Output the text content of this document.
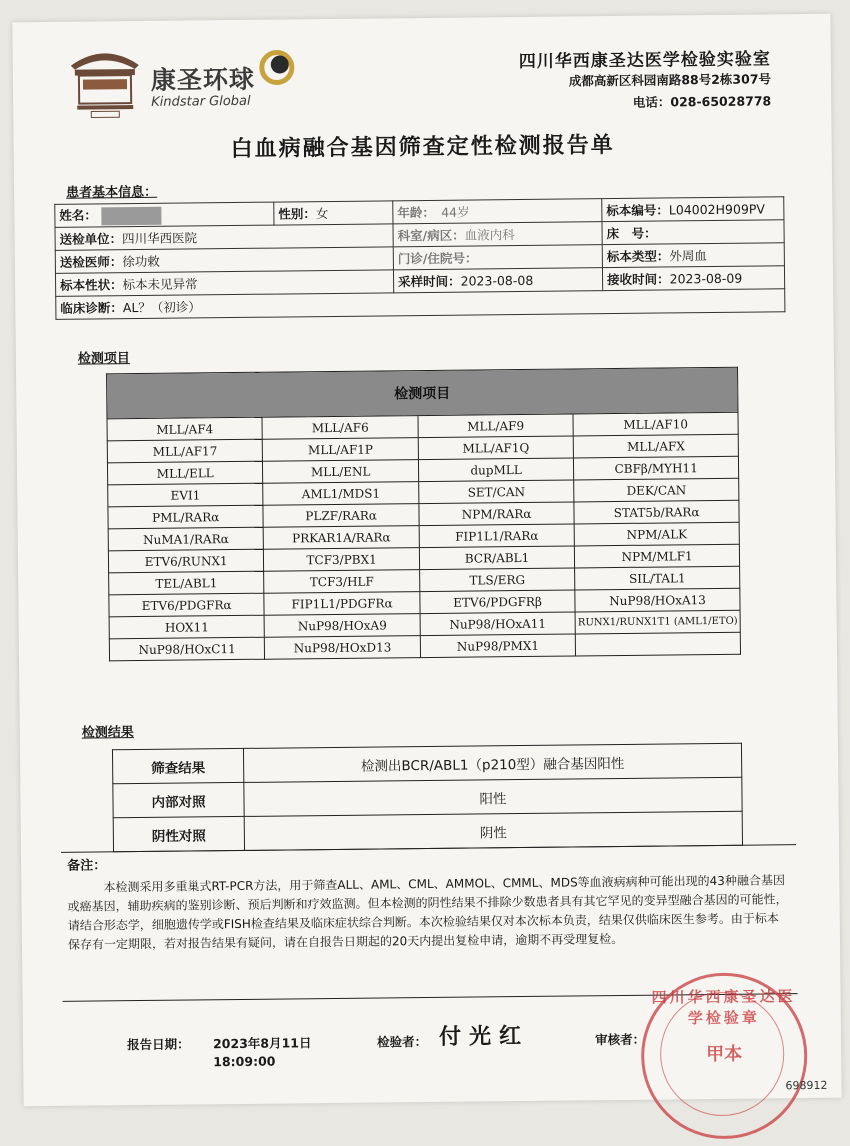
康圣环球
Kindstar Global
四川华西康圣达医学检验实验室
成都高新区科园南路88号2栋307号
电话：028-65028778
白血病融合基因筛查定性检测报告单
患者基本信息：
姓名：	性别：女	年龄：　 44岁	标本编号：L04002H909PV
送检单位：四川华西医院		科室/病区：血液内科	床　号：
送检医师：徐功敕		门诊/住院号：	标本类型：外周血
标本性状：标本未见异常		采样时间：2023-08-08	接收时间：2023-08-09
临床诊断：AL？（初诊）			
检测项目
检测项目			
MLL/AF4	MLL/AF6	MLL/AF9	MLL/AF10
MLL/AF17	MLL/AF1P	MLL/AF1Q	MLL/AFX
MLL/ELL	MLL/ENL	dupMLL	CBFβ/MYH11
EVI1	AML1/MDS1	SET/CAN	DEK/CAN
PML/RARα	PLZF/RARα	NPM/RARα	STAT5b/RARα
NuMA1/RARα	PRKAR1A/RARα	FIP1L1/RARα	NPM/ALK
ETV6/RUNX1	TCF3/PBX1	BCR/ABL1	NPM/MLF1
TEL/ABL1	TCF3/HLF	TLS/ERG	SIL/TAL1
ETV6/PDGFRα	FIP1L1/PDGFRα	ETV6/PDGFRβ	NuP98/HOxA13
HOX11	NuP98/HOxA9	NuP98/HOxA11	RUNX1/RUNX1T1 (AML1/ETO)
NuP98/HOxC11	NuP98/HOxD13	NuP98/PMX1	
检测结果
筛查结果	检测出BCR/ABL1（p210型）融合基因阳性
内部对照	阳性
阴性对照	阴性
备注：
本检测采用多重巢式RT-PCR方法，用于筛查ALL、AML、CML、AMMOL、CMML、MDS等血液病病种可能出现的43种融合基因或癌基因，辅助疾病的鉴别诊断、预后判断和疗效监测。但本检测的阴性结果不排除少数患者具有其它罕见的变异型融合基因的可能性，请结合形态学，细胞遗传学或FISH检查结果及临床症状综合判断。本次检验结果仅对本次标本负责，结果仅供临床医生参考。由于标本保存有一定期限，若对报告结果有疑问，请在自报告日期起的20天内提出复检申请，逾期不再受理复检。
报告日期： 2023年8月11日
18:09:00
检验者： 付光红	审核者：
四川华西康圣达医学检验章
甲本
698912
